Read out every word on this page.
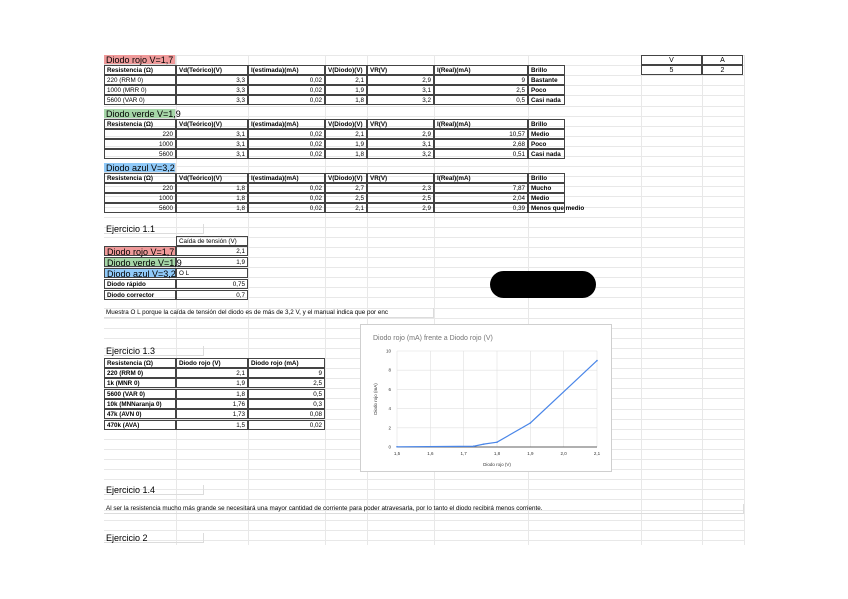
Diodo rojo V=1,7
Resistencia (Ω)	Vd(Teórico)(V)	I(estimada)(mA)	V(Diodo)(V)	VR(V)	I(Real)(mA)	Brillo
220 (RRM 0)	3,3	0,02	2,1	2,9	9 Bastante
1000 (MRR 0)	3,3	0,02	1,9	3,1	2,5 Poco
5600 (VAR 0)	3,3	0,02	1,8	3,2	0,5 Casi nada
Diodo verde V=1,9
Resistencia (Ω)	Vd(Teórico)(V)	I(estimada)(mA)	V(Diodo)(V)	VR(V)	I(Real)(mA)	Brillo
220	3,1	0,02	2,1	2,9	10,57 Medio
1000	3,1	0,02	1,9	3,1	2,68 Poco
5600	3,1	0,02	1,8	3,2	0,51 Casi nada
Diodo azul V=3,2
Resistencia (Ω)	Vd(Teórico)(V)	I(estimada)(mA)	V(Diodo)(V)	VR(V)	I(Real)(mA)	Brillo
220	1,8	0,02	2,7	2,3	7,87 Mucho
1000	1,8	0,02	2,5	2,5	2,04 Medio
5600	1,8	0,02	2,1	2,9	0,39 Menos que medio
Ejercicio 1.1
Caída de tensión (V)
Diodo rojo V=1,7	2,1
Diodo verde V=1,9	1,9
Diodo azul V=3,2 O L
Diodo rápido	0,75
Diodo corrector	0,7
Muestra O L porque la caída de tensión del diodo es de más de 3,2 V, y el manual indica que por enc
Ejercicio 1.3
Resistencia (Ω)	Diodo rojo (V)	Diodo rojo (mA)
220 (RRM 0)	2,1	9
1k (MNR 0)	1,9	2,5
5600 (VAR 0)	1,8	0,5
10k (MNNaranja 0)	1,76	0,3
47k (AVN 0)	1,73	0,08
470k (AVA)	1,5	0,02
Ejercicio 1.4
Al ser la resistencia mucho más grande se necesitará una mayor cantidad de corriente para poder atravesarla, por lo tanto el diodo recibirá menos corriente.
Ejercicio 2
V	A
5	2
Diodo rojo (mA) frente a Diodo rojo (V)
0
2
4
6
8
10
1,5	1,6	1,7	1,8	1,9	2,0	2,1
Diodo rojo (V)
Diodo rojo (mA)
